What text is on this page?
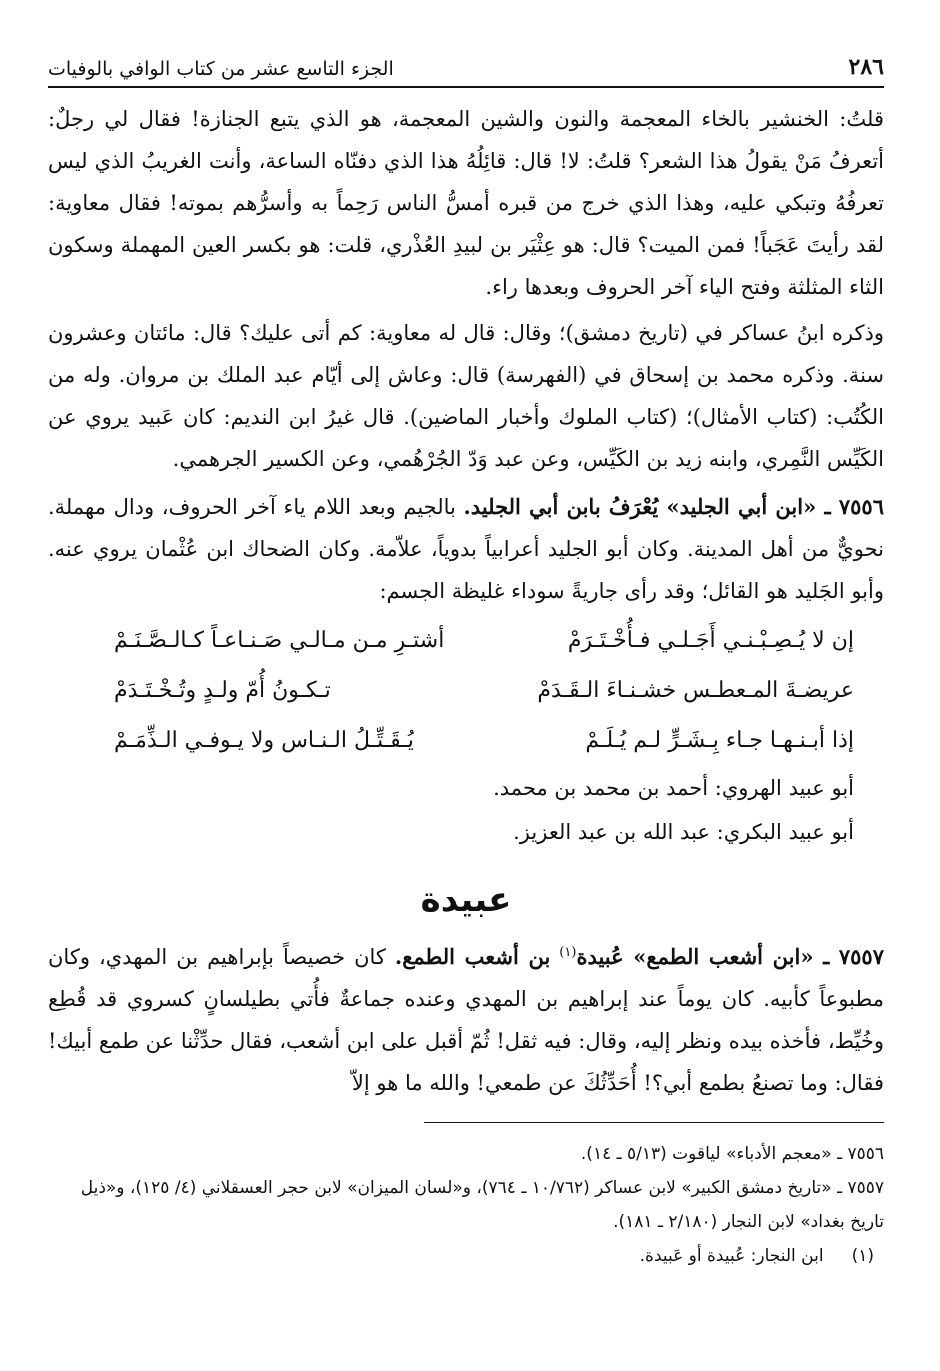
٢٨٦
الجزء التاسع عشر من كتاب الوافي بالوفيات

قلتُ: الخنشير بالخاء المعجمة والنون والشين المعجمة، هو الذي يتبع الجنازة! فقال لي رجلٌ: أتعرفُ مَنْ يقولُ هذا الشعر؟ قلتُ: لا! قال: قائِلُهُ هذا الذي دفنّاه الساعة، وأنت الغريبُ الذي ليس تعرفُهُ وتبكي عليه، وهذا الذي خرج من قبره أمسُّ الناس رَحِماً به وأسرُّهم بموته! فقال معاوية: لقد رأيتَ عَجَباً! فمن الميت؟ قال: هو عِثْيَر بن لبيدِ العُذْري، قلت: هو بكسر العين المهملة وسكون الثاء المثلثة وفتح الياء آخر الحروف وبعدها راء.

وذكره ابنُ عساكر في (تاريخ دمشق)؛ وقال: قال له معاوية: كم أتى عليك؟ قال: مائتان وعشرون سنة. وذكره محمد بن إسحاق في (الفهرسة) قال: وعاش إلى أيّام عبد الملك بن مروان. وله من الكُتُب: (كتاب الأمثال)؛ (كتاب الملوك وأخبار الماضين). قال غيرُ ابن النديم: كان عَبيد يروي عن الكَيِّس النَّمِري، وابنه زيد بن الكَيِّس، وعن عبد وَدّ الجُرْهُمي، وعن الكسير الجرهمي.

٧٥٥٦ ـ «ابن أبي الجليد» يُعْرَفُ بابن أبي الجليد. بالجيم وبعد اللام ياء آخر الحروف، ودال مهملة. نحويٌّ من أهل المدينة. وكان أبو الجليد أعرابياً بدوياً، علاّمة. وكان الضحاك ابن عُثْمان يروي عنه. وأبو الجَليد هو القائل؛ وقد رأى جاريةً سوداء غليظة الجسم:

إن لا يُـصِـبْـنـي أَجَـلـي فـأُخْـتَـرَمْ
أشتـرِ مـن مـالـي صَـنـاعـاً كـالـصَّـنَـمْ
عريضـةَ المـعطـس خشـنـاءَ الـقَـدَمْ
تـكـونُ أُمّ ولـدٍ وتُـخْـتَـدَمْ
إذا أبـنـهـا جـاء بِـشَـرٍّ لـم يُـلَـمْ
يُـقَـتِّـلُ الـنـاس ولا يـوفـي الـذِّمَـمْ
أبو عبيد الهروي: أحمد بن محمد بن محمد.
أبو عبيد البكري: عبد الله بن عبد العزيز.
عبيدة

٧٥٥٧ ـ «ابن أشعب الطمع» عُبيدة$^{(١)}$ بن أشعب الطمع. كان خصيصاً بإبراهيم بن المهدي، وكان مطبوعاً كأبيه. كان يوماً عند إبراهيم بن المهدي وعنده جماعةٌ فأُتي بطيلسانٍ كسروي قد قُطِع وخُيِّط، فأخذه بيده ونظر إليه، وقال: فيه ثقل! ثُمّ أقبل على ابن أشعب، فقال حدِّثْنا عن طمع أبيك! فقال: وما تصنعُ بطمع أبي؟! أُحَدِّثُكَ عن طمعي! والله ما هو إلاّ

٧٥٥٦ ـ «معجم الأدباء» لياقوت (٥/١٣ ـ ١٤).
٧٥٥٧ ـ «تاريخ دمشق الكبير» لابن عساكر (١٠/٧٦٢ ـ ٧٦٤)، و«لسان الميزان» لابن حجر العسقلاني (٤/ ١٢٥)، و«ذيل تاريخ بغداد» لابن النجار (٢/١٨٠ ـ ١٨١).
(١)
ابن النجار: عُبيدة أو عَبيدة.
